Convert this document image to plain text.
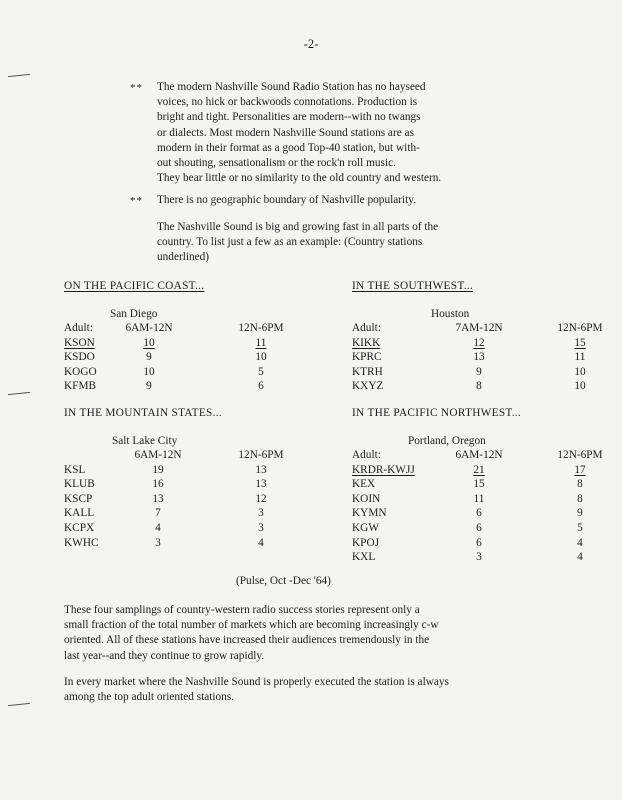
-2-
** The modern Nashville Sound Radio Station has no hayseed
voices, no hick or backwoods connotations. Production is
bright and tight. Personalities are modern--with no twangs
or dialects. Most modern Nashville Sound stations are as
modern in their format as a good Top-40 station, but with-
out shouting, sensationalism or the rock'n roll music.
They bear little or no similarity to the old country and western.
** There is no geographic boundary of Nashville popularity.
The Nashville Sound is big and growing fast in all parts of the
country. To list just a few as an example: (Country stations
underlined)
ON THE PACIFIC COAST...	IN THE SOUTHWEST...
San Diego	Houston
Adult:	6AM-12N	12N-6PM
KSON	10	11
KSDO	9	10
KOGO	10	5
KFMB	9	6
Adult:	7AM-12N	12N-6PM
KIKK	12	15
KPRC	13	11
KTRH	9	10
KXYZ	8	10
IN THE MOUNTAIN STATES...	IN THE PACIFIC NORTHWEST...
Salt Lake City	Portland, Oregon
6AM-12N	12N-6PM
KSL	19	13
KLUB	16	13
KSCP	13	12
KALL	7	3
KCPX	4	3
KWHC	3	4
Adult:	6AM-12N	12N-6PM
KRDR-KWJJ	21	17
KEX	15	8
KOIN	11	8
KYMN	6	9
KGW	6	5
KPOJ	6	4
KXL	3	4
(Pulse, Oct -Dec '64)
These four samplings of country-western radio success stories represent only a
small fraction of the total number of markets which are becoming increasingly c-w
oriented. All of these stations have increased their audiences tremendously in the
last year--and they continue to grow rapidly.
In every market where the Nashville Sound is properly executed the station is always
among the top adult oriented stations.
